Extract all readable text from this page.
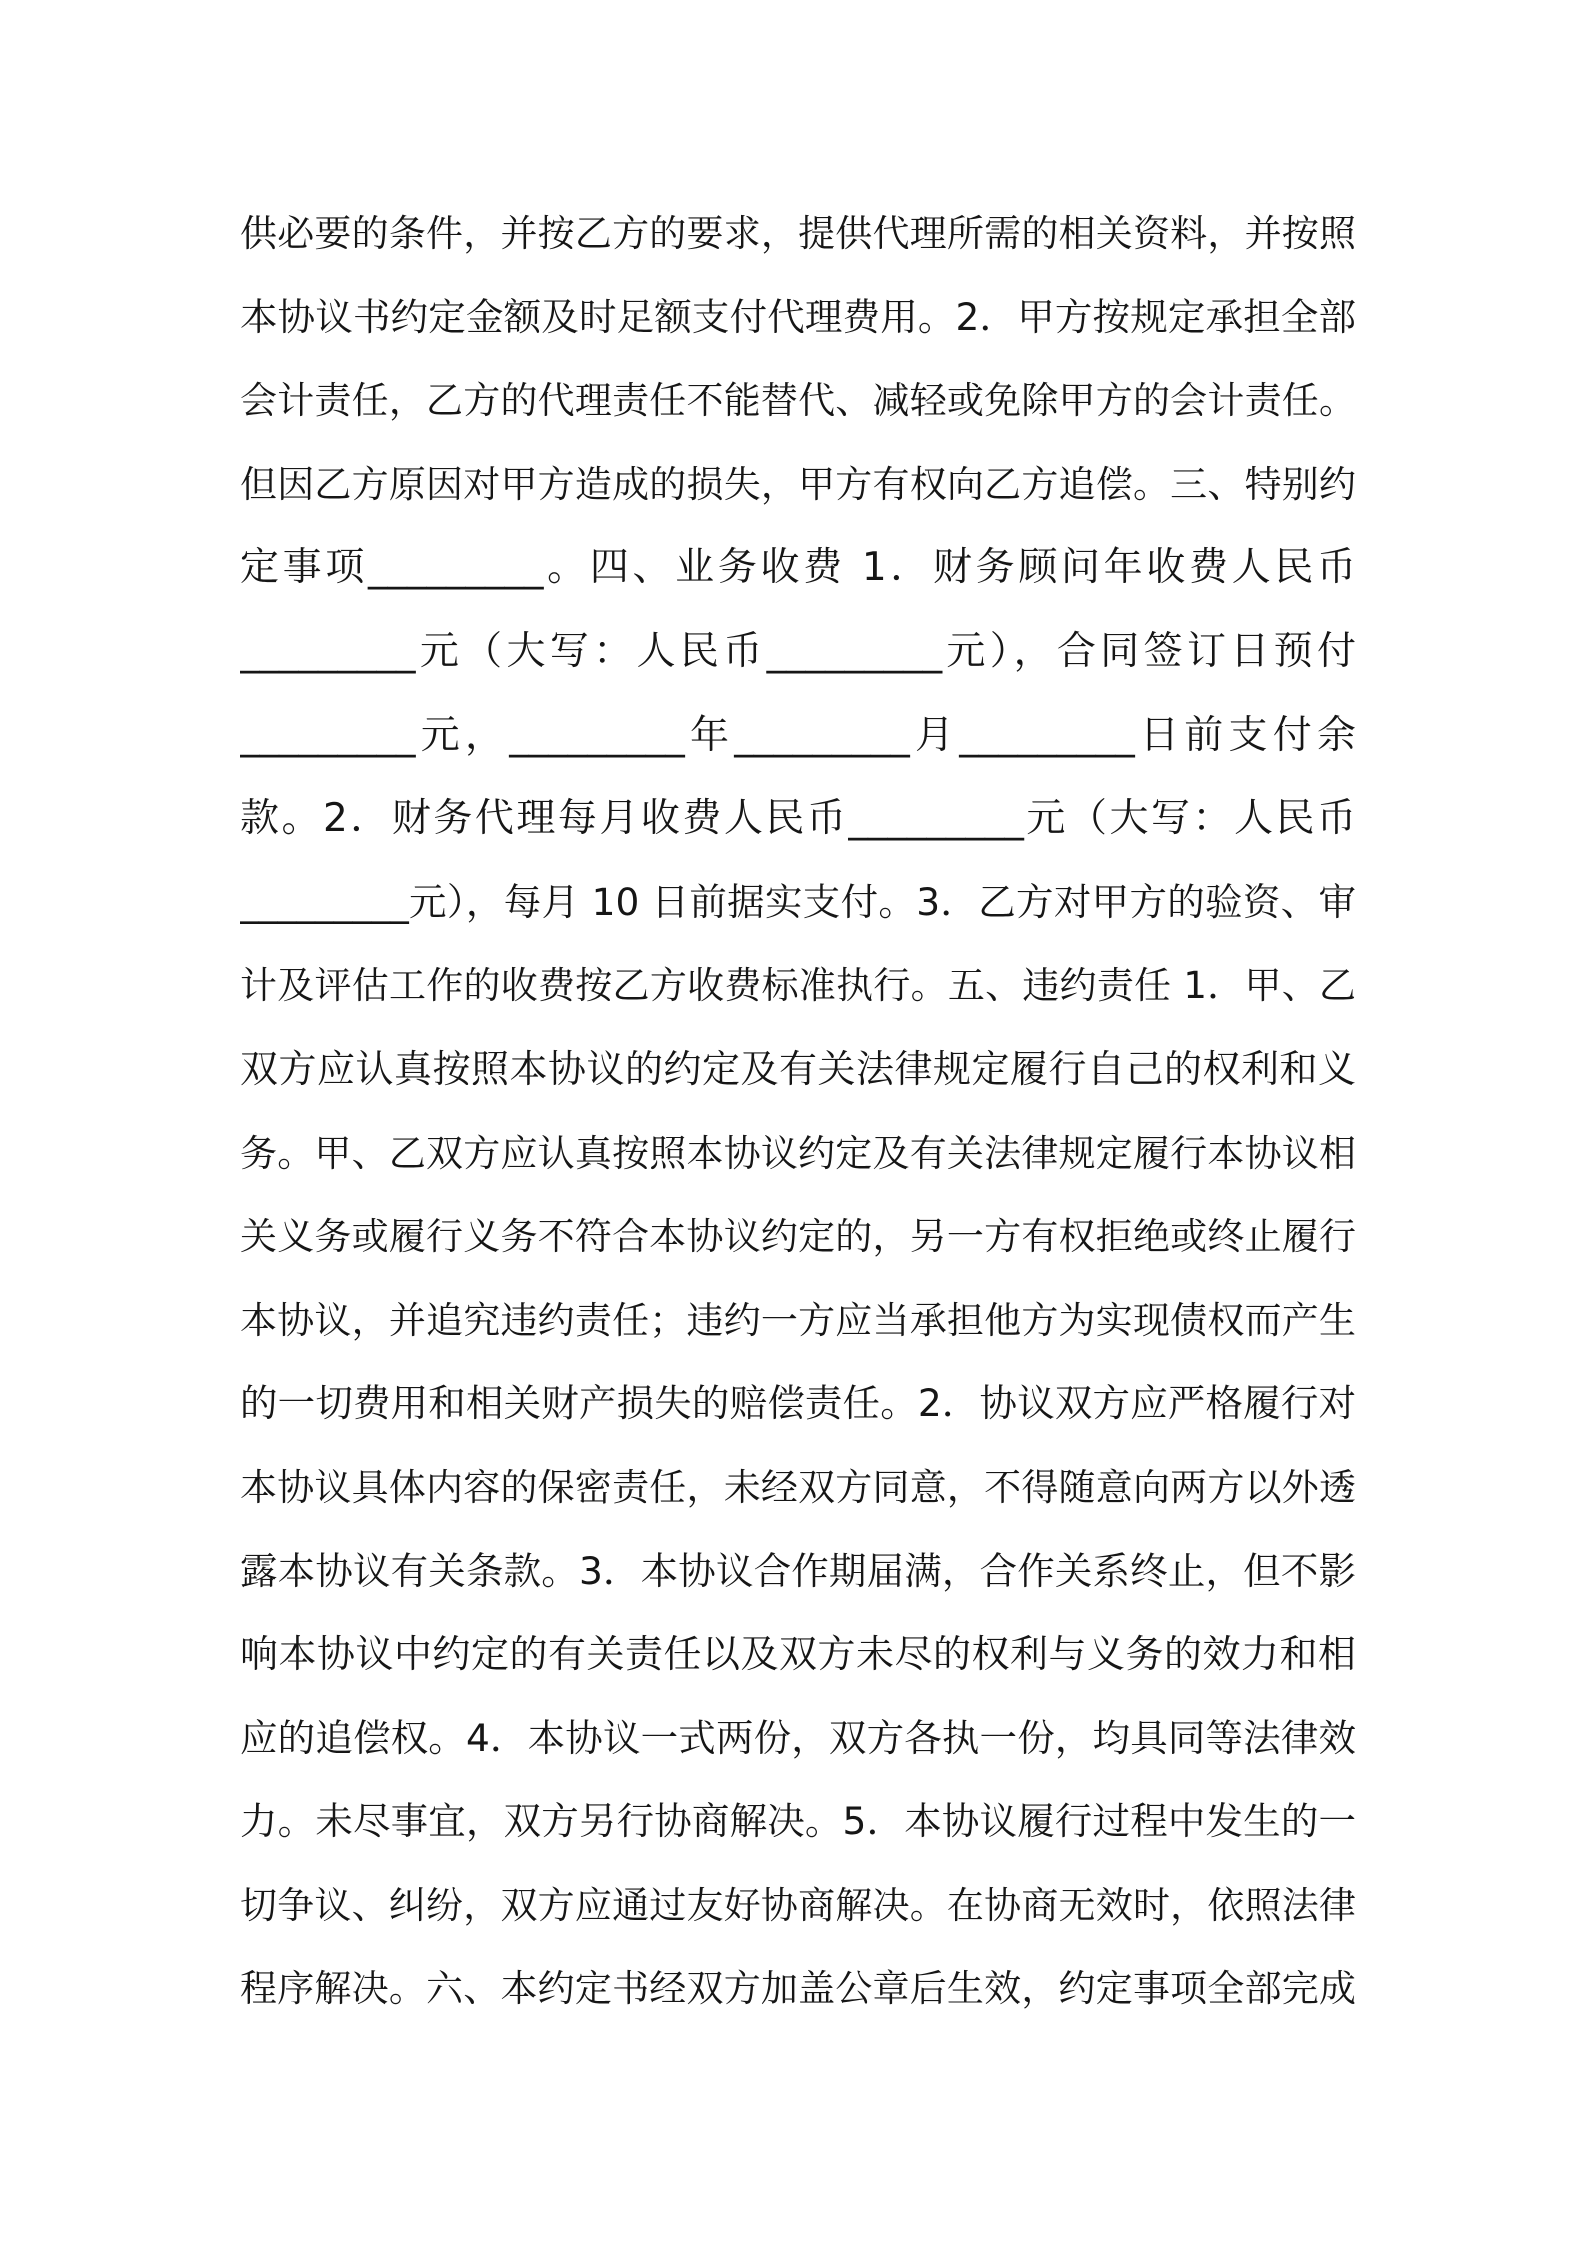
供必要的条件，并按乙方的要求，提供代理所需的相关资料，并按照
本协议书约定金额及时足额支付代理费用。2．甲方按规定承担全部
会计责任，乙方的代理责任不能替代、减轻或免除甲方的会计责任。
但因乙方原因对甲方造成的损失，甲方有权向乙方追偿。三、特别约
定事项_________。四、业务收费 1．财务顾问年收费人民币
_________元（大写：人民币_________元），合同签订日预付
_________元，_________年_________月_________日前支付余
款。2．财务代理每月收费人民币_________元（大写：人民币
_________元），每月 10 日前据实支付。3．乙方对甲方的验资、审
计及评估工作的收费按乙方收费标准执行。五、违约责任 1．甲、乙
双方应认真按照本协议的约定及有关法律规定履行自己的权利和义
务。甲、乙双方应认真按照本协议约定及有关法律规定履行本协议相
关义务或履行义务不符合本协议约定的，另一方有权拒绝或终止履行
本协议，并追究违约责任；违约一方应当承担他方为实现债权而产生
的一切费用和相关财产损失的赔偿责任。2．协议双方应严格履行对
本协议具体内容的保密责任，未经双方同意，不得随意向两方以外透
露本协议有关条款。3．本协议合作期届满，合作关系终止，但不影
响本协议中约定的有关责任以及双方未尽的权利与义务的效力和相
应的追偿权。4．本协议一式两份，双方各执一份，均具同等法律效
力。未尽事宜，双方另行协商解决。5．本协议履行过程中发生的一
切争议、纠纷，双方应通过友好协商解决。在协商无效时，依照法律
程序解决。六、本约定书经双方加盖公章后生效，约定事项全部完成
